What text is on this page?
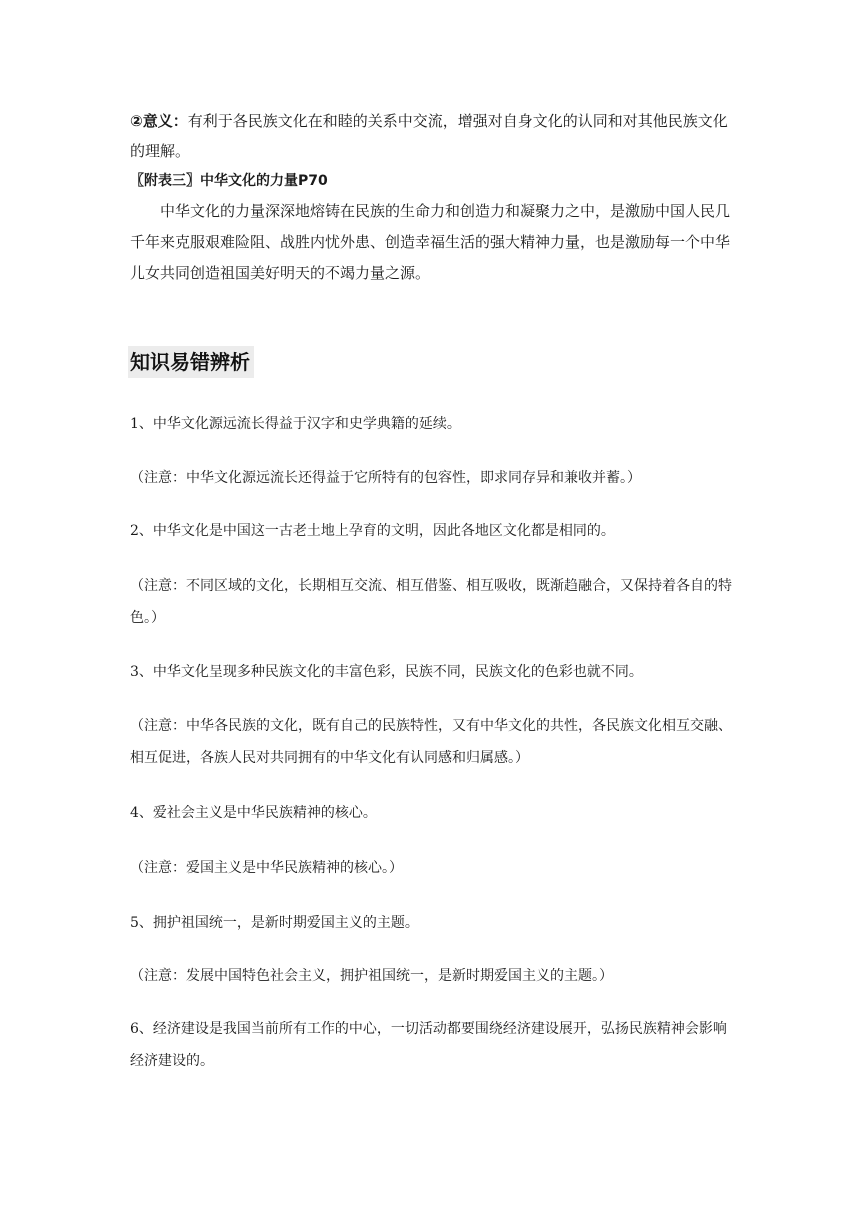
②意义：有利于各民族文化在和睦的关系中交流，增强对自身文化的认同和对其他民族文化的理解。

〖附表三〗中华文化的力量P70

中华文化的力量深深地熔铸在民族的生命力和创造力和凝聚力之中，是激励中国人民几千年来克服艰难险阻、战胜内忧外患、创造幸福生活的强大精神力量，也是激励每一个中华儿女共同创造祖国美好明天的不竭力量之源。

知识易错辨析

1、中华文化源远流长得益于汉字和史学典籍的延续。

（注意：中华文化源远流长还得益于它所特有的包容性，即求同存异和兼收并蓄。）

2、中华文化是中国这一古老土地上孕育的文明，因此各地区文化都是相同的。

（注意：不同区域的文化，长期相互交流、相互借鉴、相互吸收，既渐趋融合，又保持着各自的特色。）

3、中华文化呈现多种民族文化的丰富色彩，民族不同，民族文化的色彩也就不同。

（注意：中华各民族的文化，既有自己的民族特性，又有中华文化的共性，各民族文化相互交融、相互促进，各族人民对共同拥有的中华文化有认同感和归属感。）

4、爱社会主义是中华民族精神的核心。

（注意：爱国主义是中华民族精神的核心。）

5、拥护祖国统一，是新时期爱国主义的主题。

（注意：发展中国特色社会主义，拥护祖国统一，是新时期爱国主义的主题。）

6、经济建设是我国当前所有工作的中心，一切活动都要围绕经济建设展开，弘扬民族精神会影响经济建设的。
